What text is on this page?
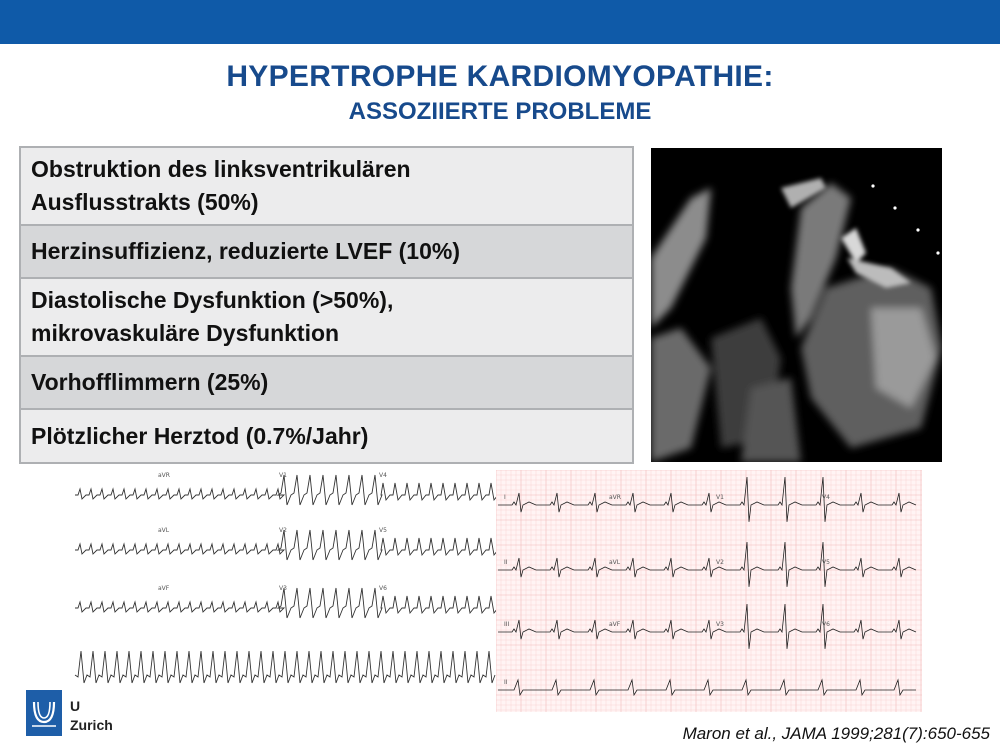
HYPERTROPHE KARDIOMYOPATHIE:
ASSOZIIERTE PROBLEME
Obstruktion des linksventrikulären
Ausflusstrakts (50%)

Herzinsuffizienz, reduzierte LVEF (10%)

Diastolische Dysfunktion (>50%),
mikrovaskuläre Dysfunktion

Vorhofflimmern (25%)

Plötzlicher Herztod (0.7%/Jahr)
aVR	V1	V4
aVL	V2	V5
aVF	V3	V6
I	aVR	V1	V4
II	aVL	V2	V5
III	aVF	V3	V6
II
U
Zurich	Maron et al., JAMA 1999;281(7):650-655
